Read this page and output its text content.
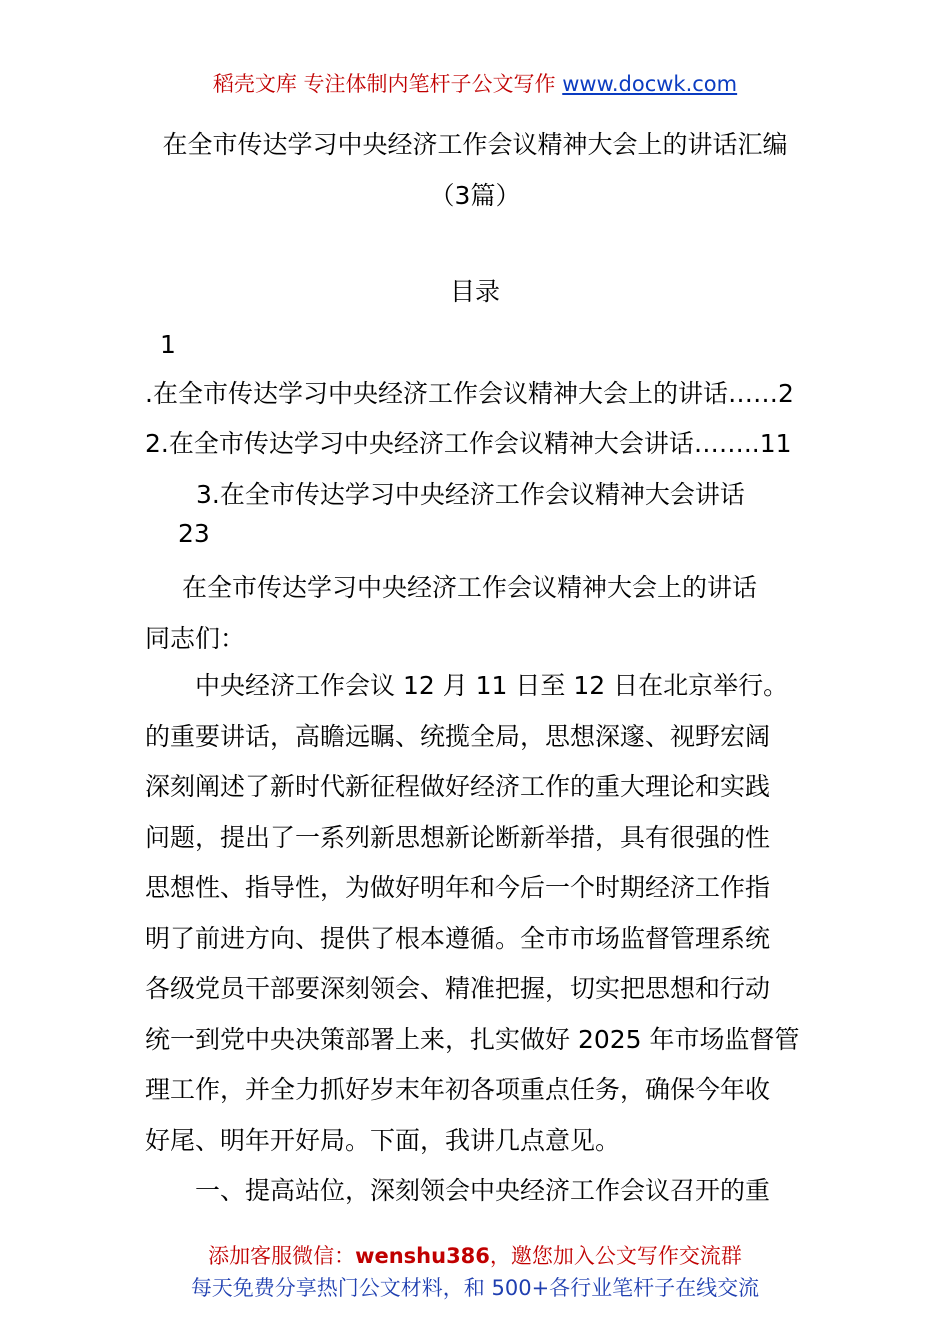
稻壳文库 专注体制内笔杆子公文写作 www.docwk.com
在全市传达学习中央经济工作会议精神大会上的讲话汇编
（3篇）
目录
1
.在全市传达学习中央经济工作会议精神大会上的讲话……2
2.在全市传达学习中央经济工作会议精神大会讲话……..11
3.在全市传达学习中央经济工作会议精神大会讲话
23
在全市传达学习中央经济工作会议精神大会上的讲话
同志们：

中央经济工作会议 12 月 11 日至 12 日在北京举行。

的重要讲话，高瞻远瞩、统揽全局，思想深邃、视野宏阔

深刻阐述了新时代新征程做好经济工作的重大理论和实践

问题，提出了一系列新思想新论断新举措，具有很强的性

思想性、指导性，为做好明年和今后一个时期经济工作指

明了前进方向、提供了根本遵循。全市市场监督管理系统

各级党员干部要深刻领会、精准把握，切实把思想和行动

统一到党中央决策部署上来，扎实做好 2025 年市场监督管

理工作，并全力抓好岁末年初各项重点任务，确保今年收

好尾、明年开好局。下面，我讲几点意见。

一、提高站位，深刻领会中央经济工作会议召开的重

添加客服微信：wenshu386，邀您加入公文写作交流群
每天免费分享热门公文材料，和 500+各行业笔杆子在线交流
